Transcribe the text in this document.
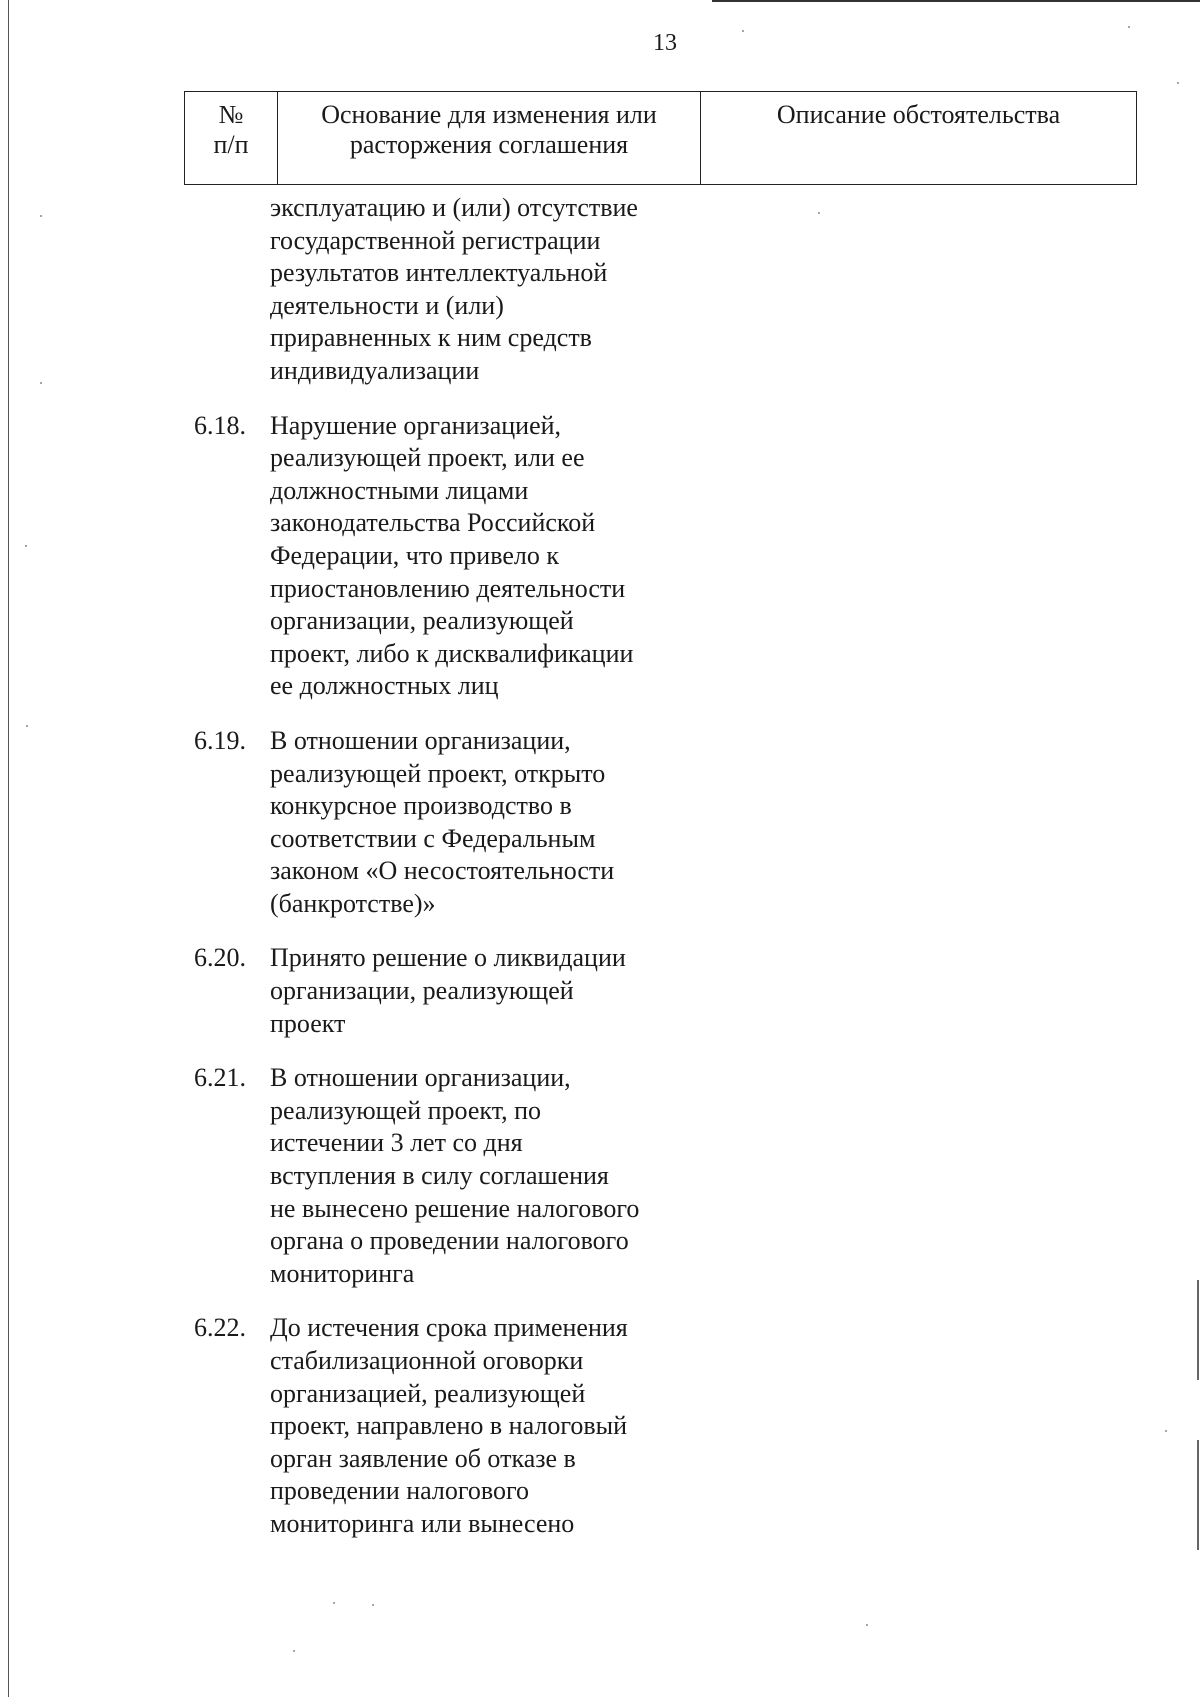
13
№
п/п	Основание для изменения или расторжения соглашения	Описание обстоятельства
эксплуатацию и (или) отсутствие
государственной регистрации
результатов интеллектуальной
деятельности и (или)
приравненных к ним средств
индивидуализации
6.18. Нарушение организацией,
реализующей проект, или ее
должностными лицами
законодательства Российской
Федерации, что привело к
приостановлению деятельности
организации, реализующей
проект, либо к дисквалификации
ее должностных лиц
6.19. В отношении организации,
реализующей проект, открыто
конкурсное производство в
соответствии с Федеральным
законом «О несостоятельности
(банкротстве)»
6.20. Принято решение о ликвидации
организации, реализующей
проект
6.21. В отношении организации,
реализующей проект, по
истечении 3 лет со дня
вступления в силу соглашения
не вынесено решение налогового
органа о проведении налогового
мониторинга
6.22. До истечения срока применения
стабилизационной оговорки
организацией, реализующей
проект, направлено в налоговый
орган заявление об отказе в
проведении налогового
мониторинга или вынесено
